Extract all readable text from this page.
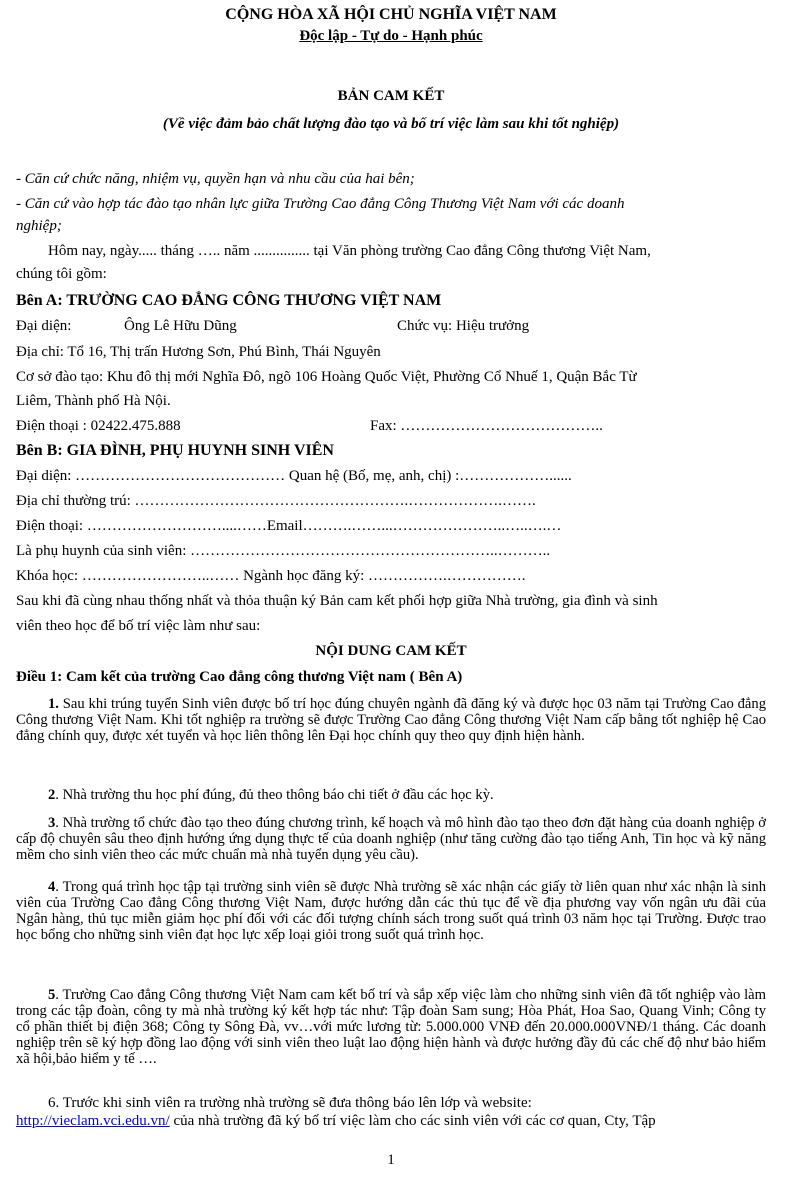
CỘNG HÒA XÃ HỘI CHỦ NGHĨA VIỆT NAM
Độc lập - Tự do - Hạnh phúc
BẢN CAM KẾT
(Về việc đảm bảo chất lượng đào tạo và bố trí việc làm sau khi tốt nghiệp)
- Căn cứ chức năng, nhiệm vụ, quyền hạn và nhu cầu của hai bên;
- Căn cứ vào hợp tác đào tạo nhân lực giữa Trường Cao đẳng Công Thương Việt Nam với các doanh
nghiệp;
Hôm nay, ngày..... tháng ….. năm ............... tại Văn phòng trường Cao đẳng Công thương Việt Nam,
chúng tôi gồm:
Bên A: TRƯỜNG CAO ĐẲNG CÔNG THƯƠNG VIỆT NAM
Đại diện:	Ông Lê Hữu Dũng	Chức vụ: Hiệu trưởng
Địa chỉ: Tổ 16, Thị trấn Hương Sơn, Phú Bình, Thái Nguyên
Cơ sở đào tạo: Khu đô thị mới Nghĩa Đô, ngõ 106 Hoàng Quốc Việt, Phường Cổ Nhuế 1, Quận Bắc Từ
Liêm, Thành phố Hà Nội.
Điện thoại : 02422.475.888	Fax: …………………………………..
Bên B: GIA ĐÌNH, PHỤ HUYNH SINH VIÊN
Đại diện: …………………………………… Quan hệ (Bố, mẹ, anh, chị) :………………......
Địa chỉ thường trú: ……………………………………………….……………….…….
Điện thoại: ………………………....……Email……….……...…………………..…..….…
Là phụ huynh của sinh viên: ……………………………………………………..………..
Khóa học: ……………………..…… Ngành học đăng ký: …………….…………….
Sau khi đã cùng nhau thống nhất và thỏa thuận ký Bản cam kết phối hợp giữa Nhà trường, gia đình và sinh
viên theo học để bố trí việc làm như sau:
NỘI DUNG CAM KẾT
Điều 1: Cam kết của trường Cao đẳng công thương Việt nam ( Bên A)
1. Sau khi trúng tuyển Sinh viên được bố trí học đúng chuyên ngành đã đăng ký và được học 03 năm tại Trường Cao đẳng Công thương Việt Nam. Khi tốt nghiệp ra trường sẽ được Trường Cao đẳng Công thương Việt Nam cấp bằng tốt nghiệp hệ Cao đẳng chính quy, được xét tuyển và học liên thông lên Đại học chính quy theo quy định hiện hành.
2. Nhà trường thu học phí đúng, đủ theo thông báo chi tiết ở đầu các học kỳ.
3. Nhà trường tổ chức đào tạo theo đúng chương trình, kế hoạch và mô hình đào tạo theo đơn đặt hàng của doanh nghiệp ở cấp độ chuyên sâu theo định hướng ứng dụng thực tế của doanh nghiệp (như tăng cường đào tạo tiếng Anh, Tin học và kỹ năng mềm cho sinh viên theo các mức chuẩn mà nhà tuyển dụng yêu cầu).
4. Trong quá trình học tập tại trường sinh viên sẽ được Nhà trường sẽ xác nhận các giấy tờ liên quan như xác nhận là sinh viên của Trường Cao đẳng Công thương Việt Nam, được hướng dẫn các thủ tục để về địa phương vay vốn ngân ưu đãi của Ngân hàng, thủ tục miễn giảm học phí đối với các đối tượng chính sách trong suốt quá trình 03 năm học tại Trường. Được trao học bổng cho những sinh viên đạt học lực xếp loại giỏi trong suốt quá trình học.
5. Trường Cao đẳng Công thương Việt Nam cam kết bố trí và sắp xếp việc làm cho những sinh viên đã tốt nghiệp vào làm trong các tập đoàn, công ty mà nhà trường ký kết hợp tác như: Tập đoàn Sam sung; Hòa Phát, Hoa Sao, Quang Vinh; Công ty cổ phần thiết bị điện 368; Công ty Sông Đà, vv…với mức lương từ: 5.000.000 VNĐ đến 20.000.000VNĐ/1 tháng. Các doanh nghiệp trên sẽ ký hợp đồng lao động với sinh viên theo luật lao động hiện hành và được hưởng đầy đủ các chế độ như bảo hiểm xã hội,bảo hiểm y tế ….
6. Trước khi sinh viên ra trường nhà trường sẽ đưa thông báo lên lớp và website:
http://vieclam.vci.edu.vn/ của nhà trường đã ký bố trí việc làm cho các sinh viên với các cơ quan, Cty, Tập
1
